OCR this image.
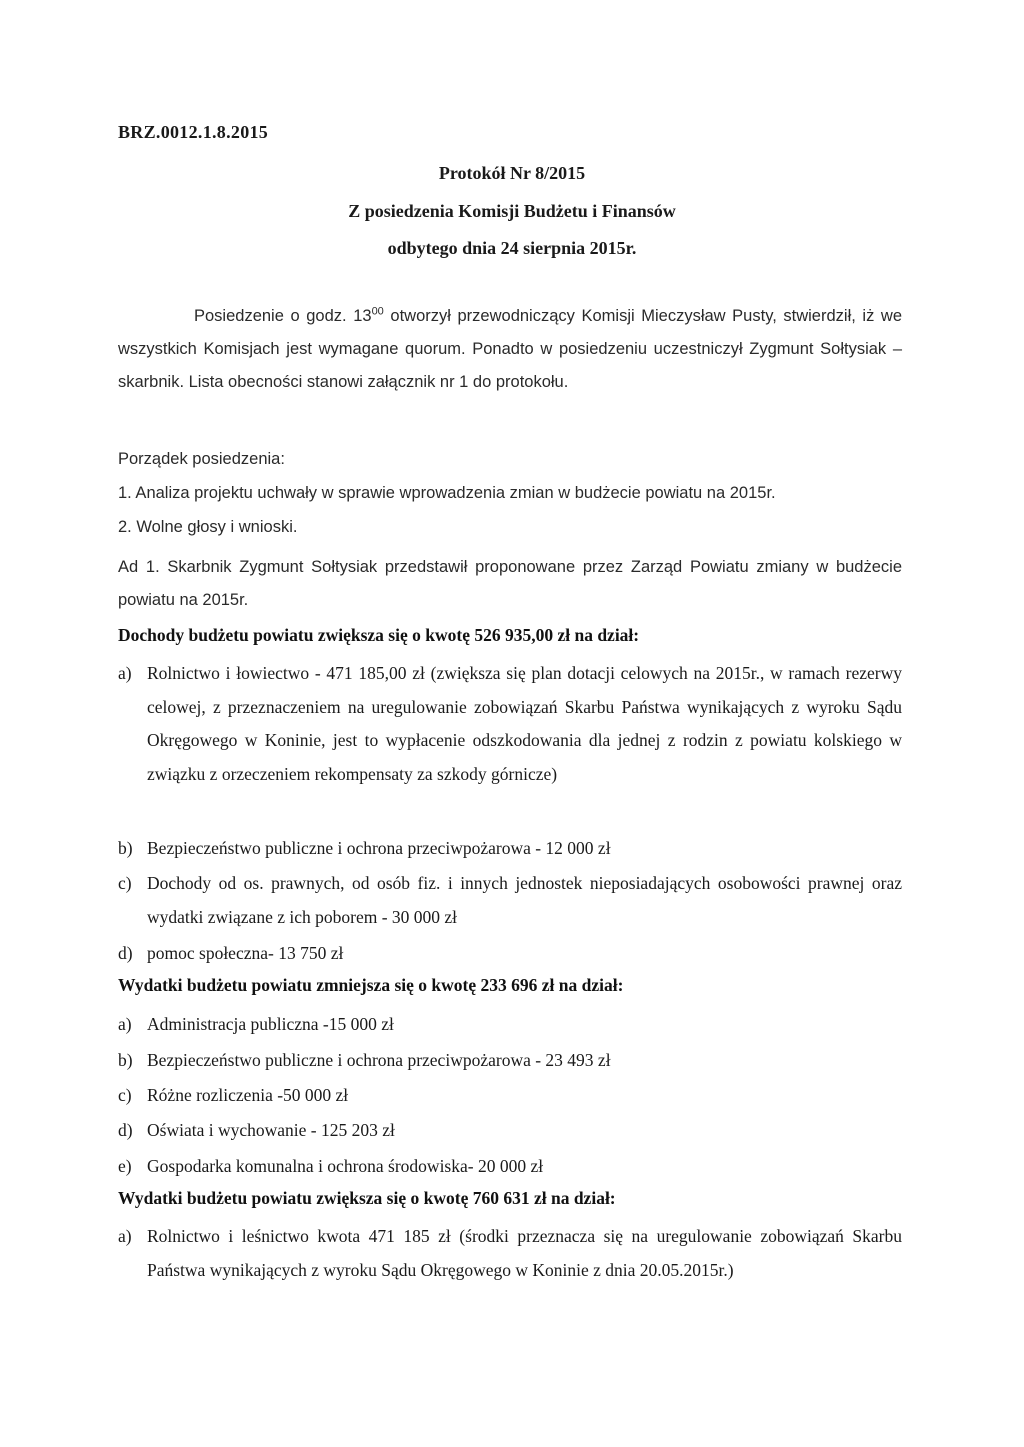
BRZ.0012.1.8.2015
Protokół Nr 8/2015
Z posiedzenia Komisji Budżetu i Finansów
odbytego dnia 24 sierpnia 2015r.
Posiedzenie o godz. $13^{00}$ otworzył przewodniczący Komisji Mieczysław Pusty, stwierdził, iż we wszystkich Komisjach jest wymagane quorum. Ponadto w posiedzeniu uczestniczył Zygmunt Sołtysiak – skarbnik. Lista obecności stanowi załącznik nr 1 do protokołu.
Porządek posiedzenia:
1. Analiza projektu uchwały w sprawie wprowadzenia zmian w budżecie powiatu na 2015r.
2. Wolne głosy i wnioski.
Ad 1. Skarbnik Zygmunt Sołtysiak przedstawił proponowane przez Zarząd Powiatu zmiany w budżecie powiatu na 2015r.
Dochody budżetu powiatu zwiększa się o kwotę 526 935,00 zł na dział:
a) Rolnictwo i łowiectwo - 471 185,00 zł (zwiększa się plan dotacji celowych na 2015r., w ramach rezerwy celowej, z przeznaczeniem na uregulowanie zobowiązań Skarbu Państwa wynikających z wyroku Sądu Okręgowego w Koninie, jest to wypłacenie odszkodowania dla jednej z rodzin z powiatu kolskiego w związku z orzeczeniem rekompensaty za szkody górnicze)
b) Bezpieczeństwo publiczne i ochrona przeciwpożarowa - 12 000 zł
c) Dochody od os. prawnych, od osób fiz. i innych jednostek nieposiadających osobowości prawnej oraz wydatki związane z ich poborem - 30 000 zł
d) pomoc społeczna- 13 750 zł
Wydatki budżetu powiatu zmniejsza się o kwotę 233 696 zł na dział:
a) Administracja publiczna -15 000 zł
b) Bezpieczeństwo publiczne i ochrona przeciwpożarowa - 23 493 zł
c) Różne rozliczenia -50 000 zł
d) Oświata i wychowanie - 125 203 zł
e) Gospodarka komunalna i ochrona środowiska- 20 000 zł
Wydatki budżetu powiatu zwiększa się o kwotę 760 631 zł na dział:
a) Rolnictwo i leśnictwo kwota 471 185 zł (środki przeznacza się na uregulowanie zobowiązań Skarbu Państwa wynikających z wyroku Sądu Okręgowego w Koninie z dnia 20.05.2015r.)
